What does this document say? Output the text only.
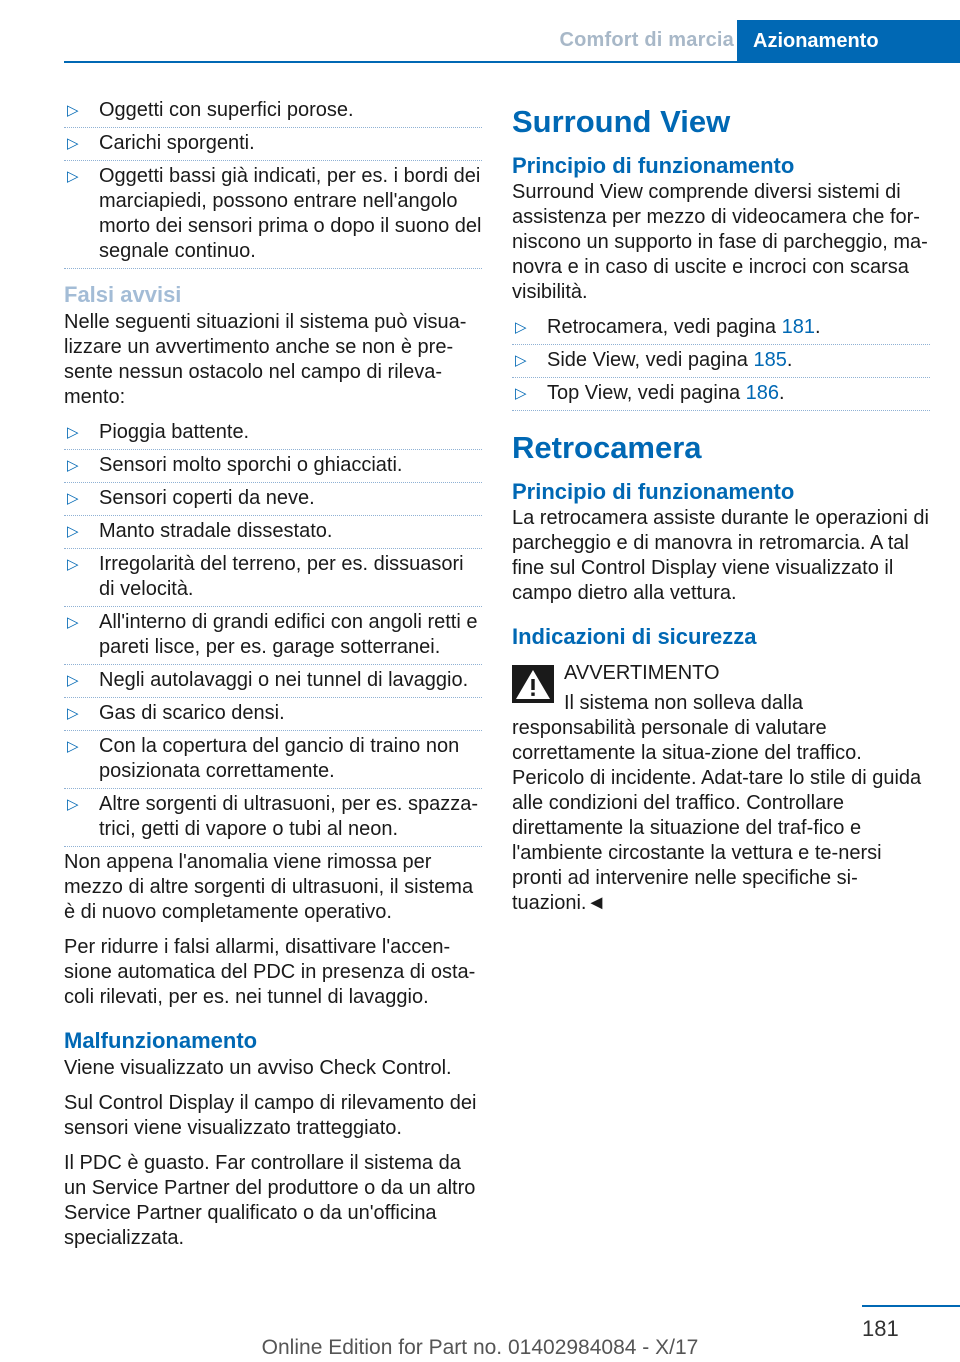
Comfort di marcia Azionamento
▷ Oggetti con superfici porose.
▷ Carichi sporgenti.
▷ Oggetti bassi già indicati, per es. i bordi dei marciapiedi, possono entrare nell'angolo morto dei sensori prima o dopo il suono del segnale continuo.
Falsi avvisi

Nelle seguenti situazioni il sistema può visua‐lizzare un avvertimento anche se non è pre‐sente nessun ostacolo nel campo di rileva‐mento:

▷ Pioggia battente.
▷ Sensori molto sporchi o ghiacciati.
▷ Sensori coperti da neve.
▷ Manto stradale dissestato.
▷ Irregolarità del terreno, per es. dissuasori di velocità.
▷ All'interno di grandi edifici con angoli retti e pareti lisce, per es. garage sotterranei.
▷ Negli autolavaggi o nei tunnel di lavaggio.
▷ Gas di scarico densi.
▷ Con la copertura del gancio di traino non posizionata correttamente.
▷ Altre sorgenti di ultrasuoni, per es. spazza‐trici, getti di vapore o tubi al neon.

Non appena l'anomalia viene rimossa per mezzo di altre sorgenti di ultrasuoni, il sistema è di nuovo completamente operativo.

Per ridurre i falsi allarmi, disattivare l'accen‐sione automatica del PDC in presenza di osta‐coli rilevati, per es. nei tunnel di lavaggio.

Malfunzionamento

Viene visualizzato un avviso Check Control.

Sul Control Display il campo di rilevamento dei sensori viene visualizzato tratteggiato.

Il PDC è guasto. Far controllare il sistema da un Service Partner del produttore o da un altro Service Partner qualificato o da un'officina specializzata.

Surround View
Principio di funzionamento

Surround View comprende diversi sistemi di assistenza per mezzo di videocamera che for‐niscono un supporto in fase di parcheggio, ma‐novra e in caso di uscite e incroci con scarsa visibilità.

▷ Retrocamera, vedi pagina 181.
▷ Side View, vedi pagina 185.
▷ Top View, vedi pagina 186.
Retrocamera
Principio di funzionamento

La retrocamera assiste durante le operazioni di parcheggio e di manovra in retromarcia. A tal fine sul Control Display viene visualizzato il campo dietro alla vettura.

Indicazioni di sicurezza
AVVERTIMENTO

Il sistema non solleva dalla responsabilità personale di valutare correttamente la situa‐zione del traffico. Pericolo di incidente. Adat‐tare lo stile di guida alle condizioni del traffico. Controllare direttamente la situazione del traf‐fico e l'ambiente circostante la vettura e te‐nersi pronti ad intervenire nelle specifiche si‐tuazioni.◄

181
Online Edition for Part no. 01402984084 - X/17
